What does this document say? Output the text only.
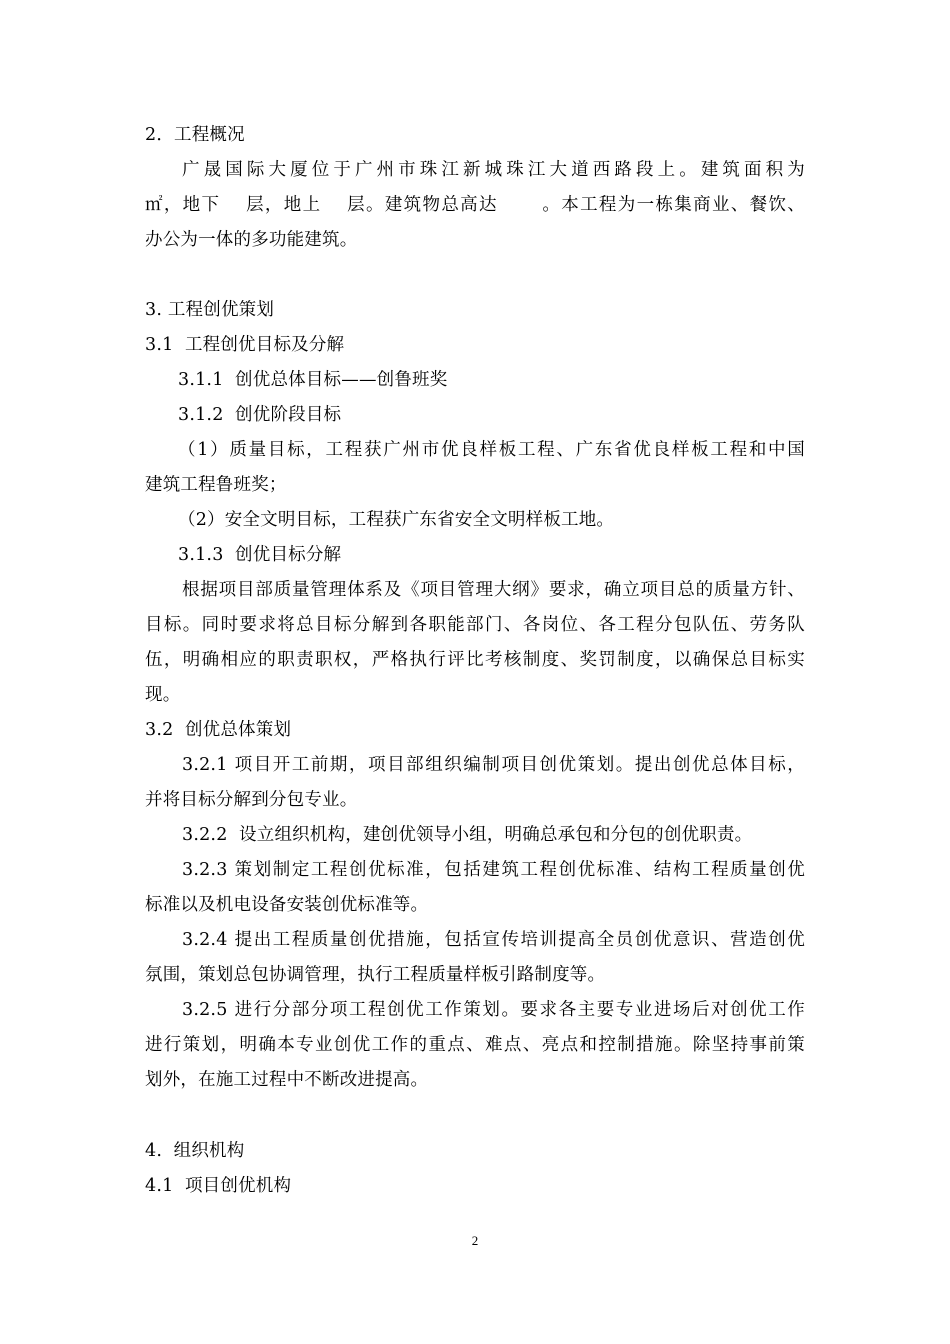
2．工程概况
广晟国际大厦位于广州市珠江新城珠江大道西路段上。建筑面积为
㎡，地下　 层，地上　 层。建筑物总高达　　 。本工程为一栋集商业、餐饮、
办公为一体的多功能建筑。
3. 工程创优策划
3.1  工程创优目标及分解
3.1.1  创优总体目标——创鲁班奖
3.1.2  创优阶段目标
（1）质量目标，工程获广州市优良样板工程、广东省优良样板工程和中国
建筑工程鲁班奖；
（2）安全文明目标，工程获广东省安全文明样板工地。
3.1.3  创优目标分解
根据项目部质量管理体系及《项目管理大纲》要求，确立项目总的质量方针、
目标。同时要求将总目标分解到各职能部门、各岗位、各工程分包队伍、劳务队
伍，明确相应的职责职权，严格执行评比考核制度、奖罚制度，以确保总目标实
现。
3.2  创优总体策划
3.2.1 项目开工前期，项目部组织编制项目创优策划。提出创优总体目标，
并将目标分解到分包专业。
3.2.2  设立组织机构，建创优领导小组，明确总承包和分包的创优职责。
3.2.3 策划制定工程创优标准，包括建筑工程创优标准、结构工程质量创优
标准以及机电设备安装创优标准等。
3.2.4 提出工程质量创优措施，包括宣传培训提高全员创优意识、营造创优
氛围，策划总包协调管理，执行工程质量样板引路制度等。
3.2.5 进行分部分项工程创优工作策划。要求各主要专业进场后对创优工作
进行策划，明确本专业创优工作的重点、难点、亮点和控制措施。除坚持事前策
划外，在施工过程中不断改进提高。
4.  组织机构
4.1  项目创优机构
2
